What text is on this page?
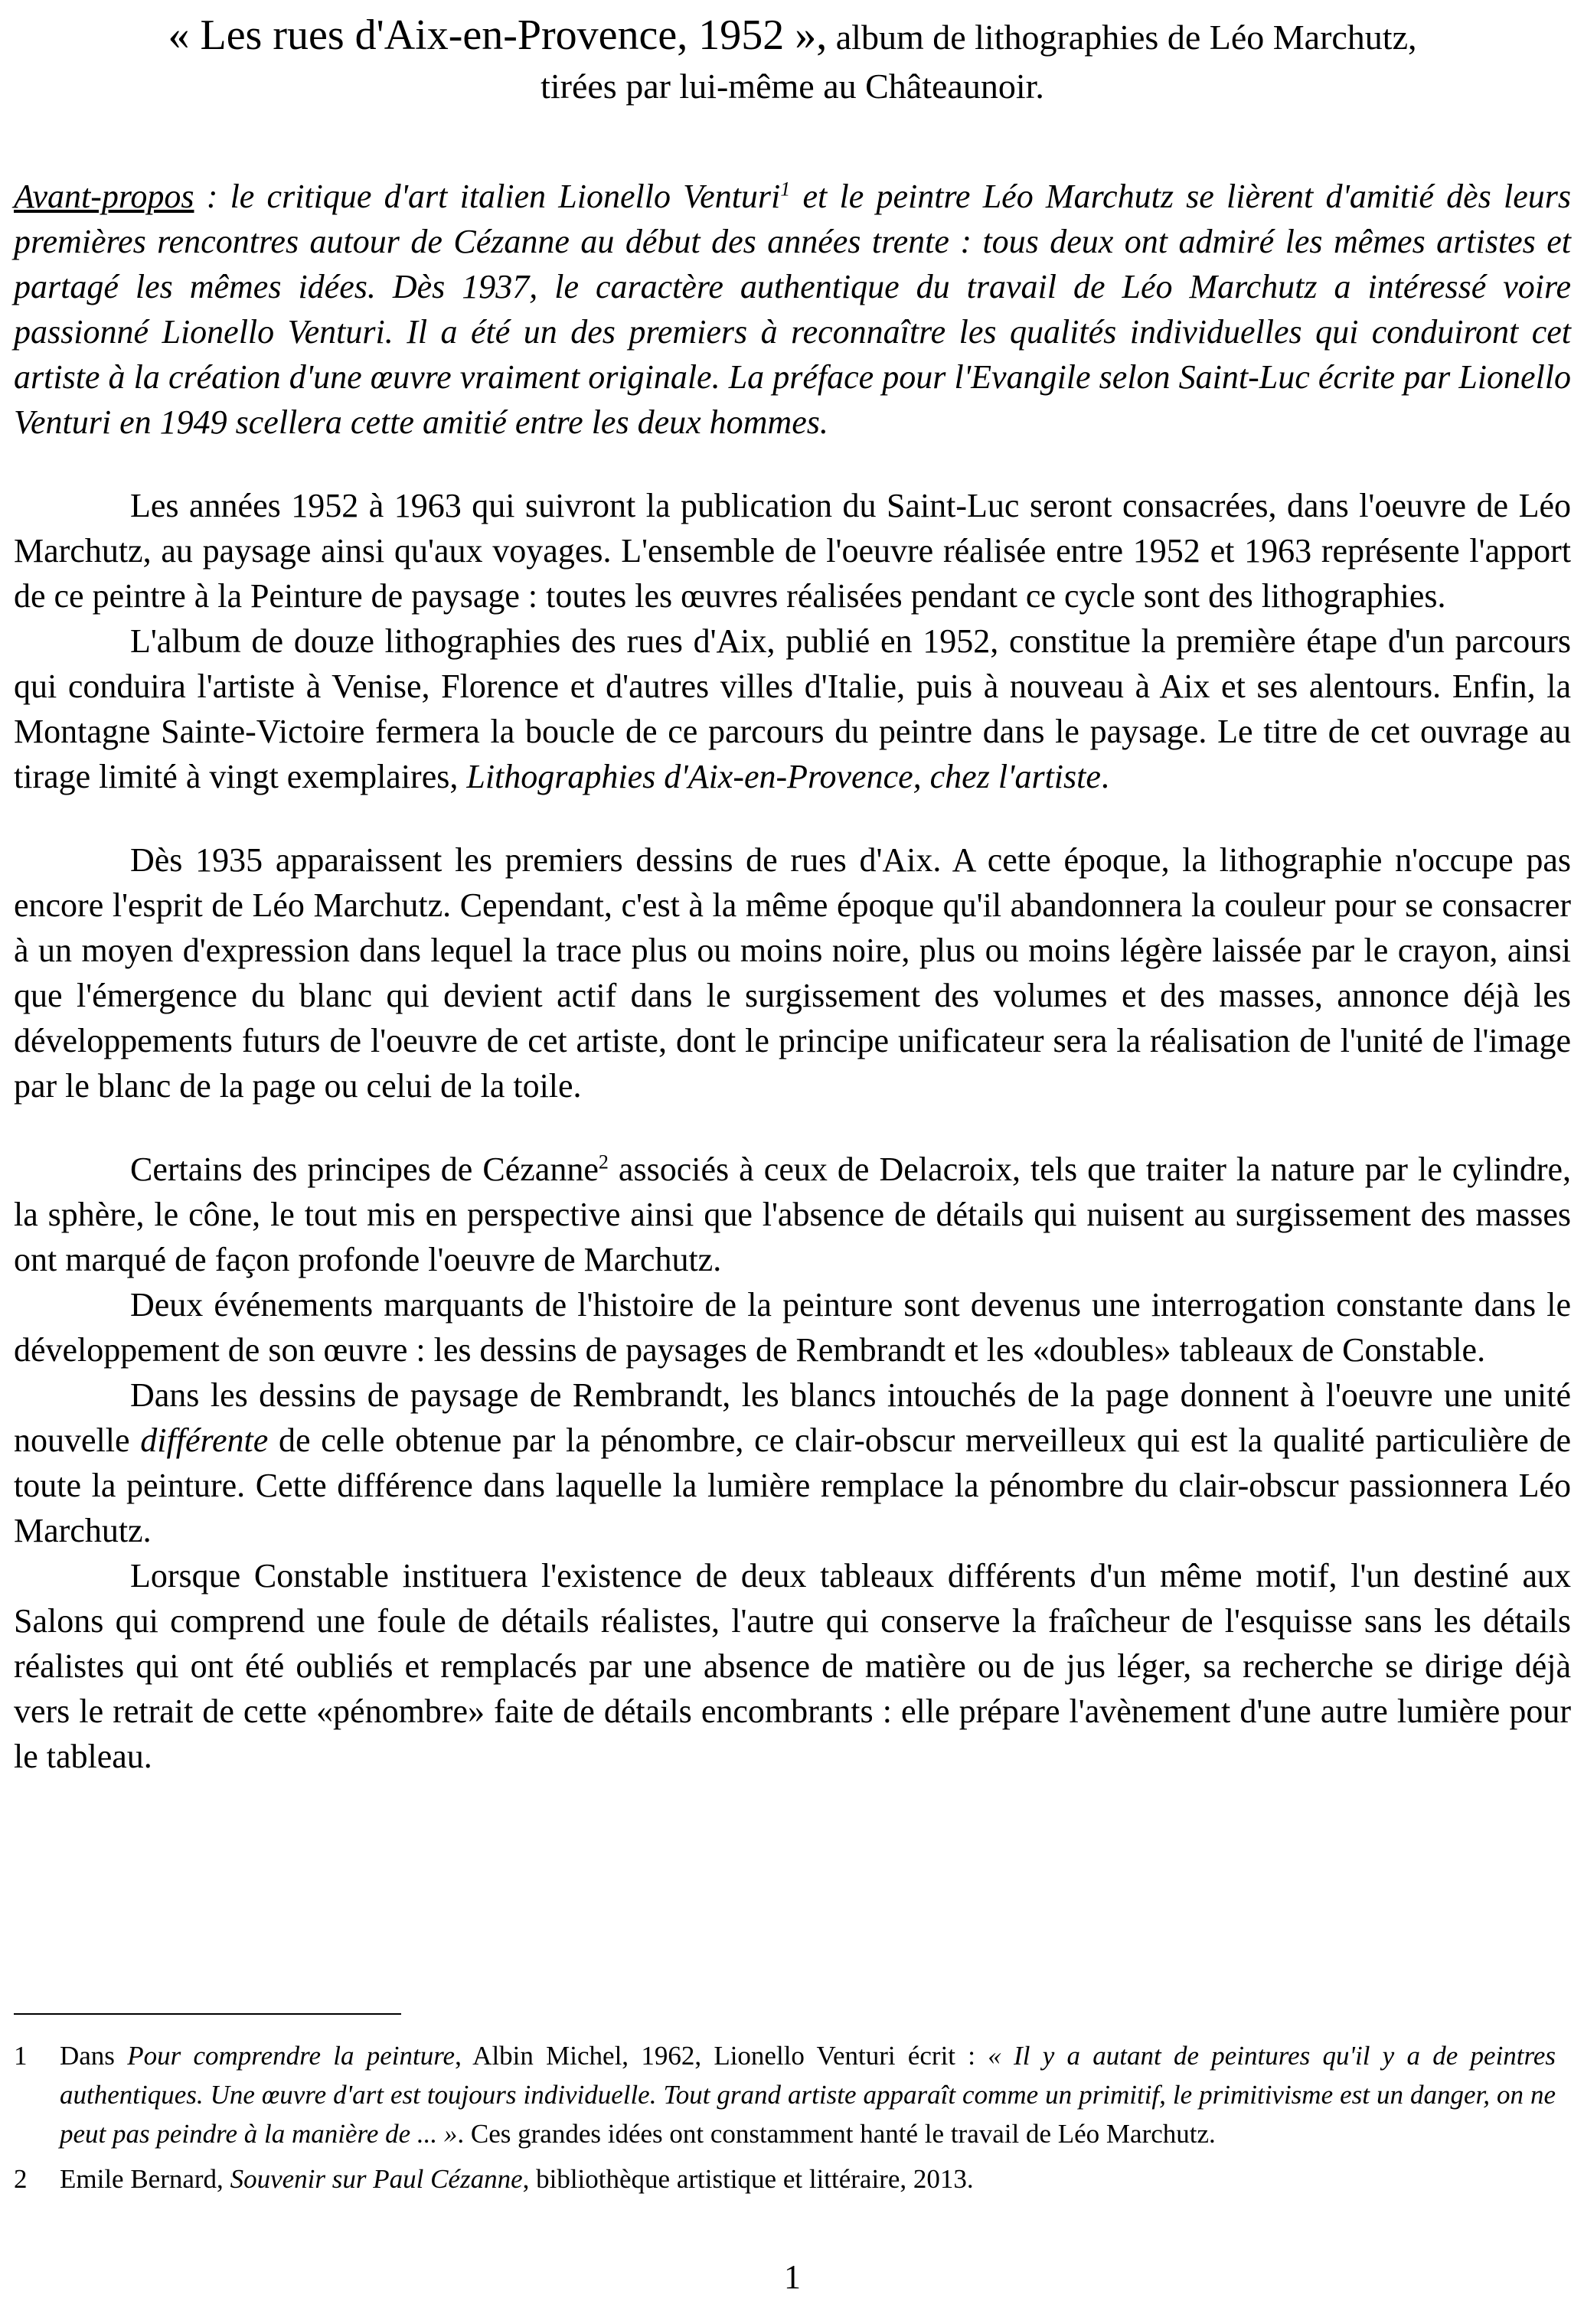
« Les rues d'Aix-en-Provence, 1952 », album de lithographies de Léo Marchutz,
tirées par lui-même au Châteaunoir.

Avant-propos : le critique d'art italien Lionello Venturi$^1$ et le peintre Léo Marchutz se lièrent d'amitié dès leurs premières rencontres autour de Cézanne au début des années trente : tous deux ont admiré les mêmes artistes et partagé les mêmes idées. Dès 1937, le caractère authentique du travail de Léo Marchutz a intéressé voire passionné Lionello Venturi. Il a été un des premiers à reconnaître les qualités individuelles qui conduiront cet artiste à la création d'une œuvre vraiment originale. La préface pour l'Evangile selon Saint-Luc écrite par Lionello Venturi en 1949 scellera cette amitié entre les deux hommes.

Les années 1952 à 1963 qui suivront la publication du Saint-Luc seront consacrées, dans l'oeuvre de Léo Marchutz, au paysage ainsi qu'aux voyages. L'ensemble de l'oeuvre réalisée entre 1952 et 1963 représente l'apport de ce peintre à la Peinture de paysage : toutes les œuvres réalisées pendant ce cycle sont des lithographies.

L'album de douze lithographies des rues d'Aix, publié en 1952, constitue la première étape d'un parcours qui conduira l'artiste à Venise, Florence et d'autres villes d'Italie, puis à nouveau à Aix et ses alentours. Enfin, la Montagne Sainte-Victoire fermera la boucle de ce parcours du peintre dans le paysage. Le titre de cet ouvrage au tirage limité à vingt exemplaires, Lithographies d'Aix-en-Provence, chez l'artiste.

Dès 1935 apparaissent les premiers dessins de rues d'Aix. A cette époque, la lithographie n'occupe pas encore l'esprit de Léo Marchutz. Cependant, c'est à la même époque qu'il abandonnera la couleur pour se consacrer à un moyen d'expression dans lequel la trace plus ou moins noire, plus ou moins légère laissée par le crayon, ainsi que l'émergence du blanc qui devient actif dans le surgissement des volumes et des masses, annonce déjà les développements futurs de l'oeuvre de cet artiste, dont le principe unificateur sera la réalisation de l'unité de l'image par le blanc de la page ou celui de la toile.

Certains des principes de Cézanne$^2$ associés à ceux de Delacroix, tels que traiter la nature par le cylindre, la sphère, le cône, le tout mis en perspective ainsi que l'absence de détails qui nuisent au surgissement des masses ont marqué de façon profonde l'oeuvre de Marchutz.

Deux événements marquants de l'histoire de la peinture sont devenus une interrogation constante dans le développement de son œuvre : les dessins de paysages de Rembrandt et les «doubles» tableaux de Constable.

Dans les dessins de paysage de Rembrandt, les blancs intouchés de la page donnent à l'oeuvre une unité nouvelle différente de celle obtenue par la pénombre, ce clair-obscur merveilleux qui est la qualité particulière de toute la peinture. Cette différence dans laquelle la lumière remplace la pénombre du clair-obscur passionnera Léo Marchutz.

Lorsque Constable instituera l'existence de deux tableaux différents d'un même motif, l'un destiné aux Salons qui comprend une foule de détails réalistes, l'autre qui conserve la fraîcheur de l'esquisse sans les détails réalistes qui ont été oubliés et remplacés par une absence de matière ou de jus léger, sa recherche se dirige déjà vers le retrait de cette «pénombre» faite de détails encombrants : elle prépare l'avènement d'une autre lumière pour le tableau.

1 Dans Pour comprendre la peinture, Albin Michel, 1962, Lionello Venturi écrit : « Il y a autant de peintures qu'il y a de peintres authentiques. Une œuvre d'art est toujours individuelle. Tout grand artiste apparaît comme un primitif, le primitivisme est un danger, on ne peut pas peindre à la manière de ... ». Ces grandes idées ont constamment hanté le travail de Léo Marchutz.

2 Emile Bernard, Souvenir sur Paul Cézanne, bibliothèque artistique et littéraire, 2013.

1
